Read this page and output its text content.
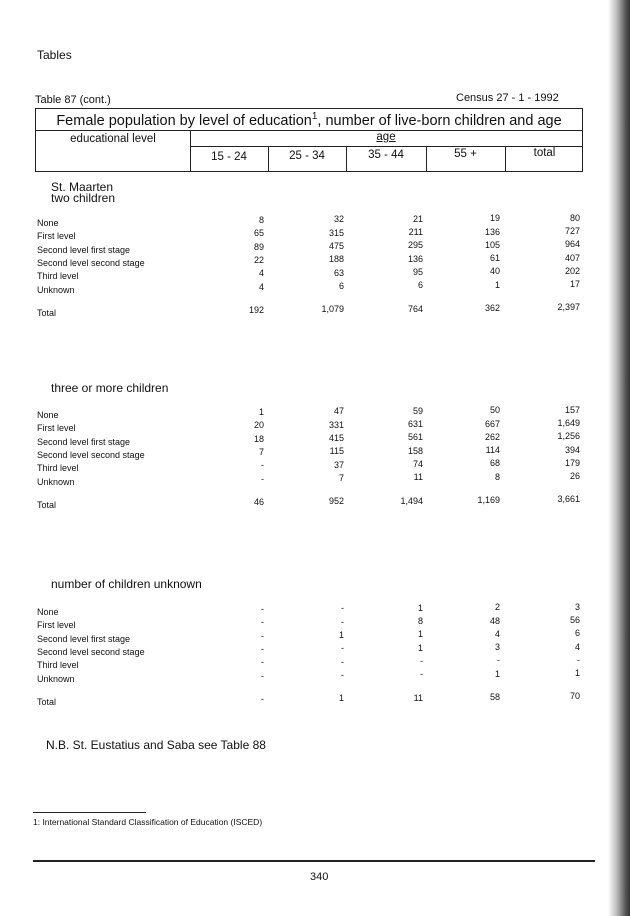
Tables
Table 87 (cont.)	Census 27 - 1 - 1992
Female population by level of education$^1$, number of live-born children and age
educational level	age
15 - 24	25 - 34	35 - 44	55 +	total
St. Maarten
two children
None	8	32	21	19	80
First level	65	315	211	136	727
Second level first stage	89	475	295	105	964
Second level second stage	22	188	136	61	407
Third level	4	63	95	40	202
Unknown	4	6	6	1	17
Total	192	1,079	764	362	2,397
three or more children
None	1	47	59	50	157
First level	20	331	631	667	1,649
Second level first stage	18	415	561	262	1,256
Second level second stage	7	115	158	114	394
Third level	-	37	74	68	179
Unknown	-	7	11	8	26
Total	46	952	1,494	1,169	3,661
number of children unknown
None	-	-	1	2	3
First level	-	-	8	48	56
Second level first stage	-	1	1	4	6
Second level second stage	-	-	1	3	4
Third level	-	-	-	-	-
Unknown	-	-	-	1	1
Total	-	1	11	58	70
N.B. St. Eustatius and Saba see Table 88
1: International Standard Classification of Education (ISCED)
340
